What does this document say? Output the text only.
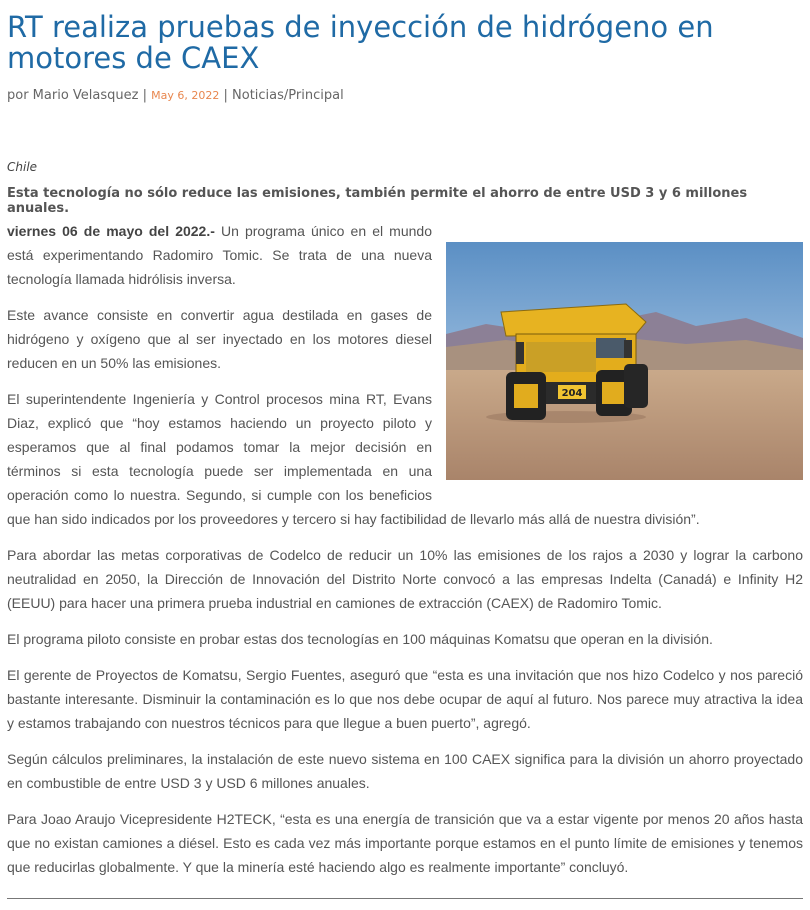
RT realiza pruebas de inyección de hidrógeno en motores de CAEX
por Mario Velasquez | May 6, 2022 | Noticias/Principal
Chile
Esta tecnología no sólo reduce las emisiones, también permite el ahorro de entre USD 3 y 6 millones anuales.
204

viernes 06 de mayo del 2022.- Un programa único en el mundo está experimentando Radomiro Tomic. Se trata de una nueva tecnología llamada hidrólisis inversa.

Este avance consiste en convertir agua destilada en gases de hidrógeno y oxígeno que al ser inyectado en los motores diesel reducen en un 50% las emisiones.

El superintendente Ingeniería y Control procesos mina RT, Evans Diaz, explicó que “hoy estamos haciendo un proyecto piloto y esperamos que al final podamos tomar la mejor decisión en términos si esta tecnología puede ser implementada en una operación como lo nuestra. Segundo, si cumple con los beneficios que han sido indicados por los proveedores y tercero si hay factibilidad de llevarlo más allá de nuestra división”.

Para abordar las metas corporativas de Codelco de reducir un 10% las emisiones de los rajos a 2030 y lograr la carbono neutralidad en 2050, la Dirección de Innovación del Distrito Norte convocó a las empresas Indelta (Canadá) e Infinity H2 (EEUU) para hacer una primera prueba industrial en camiones de extracción (CAEX) de Radomiro Tomic.

El programa piloto consiste en probar estas dos tecnologías en 100 máquinas Komatsu que operan en la división.

El gerente de Proyectos de Komatsu, Sergio Fuentes, aseguró que “esta es una invitación que nos hizo Codelco y nos pareció bastante interesante. Disminuir la contaminación es lo que nos debe ocupar de aquí al futuro. Nos parece muy atractiva la idea y estamos trabajando con nuestros técnicos para que llegue a buen puerto”, agregó.

Según cálculos preliminares, la instalación de este nuevo sistema en 100 CAEX significa para la división un ahorro proyectado en combustible de entre USD 3 y USD 6 millones anuales.

Para Joao Araujo Vicepresidente H2TECK, “esta es una energía de transición que va a estar vigente por menos 20 años hasta que no existan camiones a diésel. Esto es cada vez más importante porque estamos en el punto límite de emisiones y tenemos que reducirlas globalmente. Y que la minería esté haciendo algo es realmente importante” concluyó.
